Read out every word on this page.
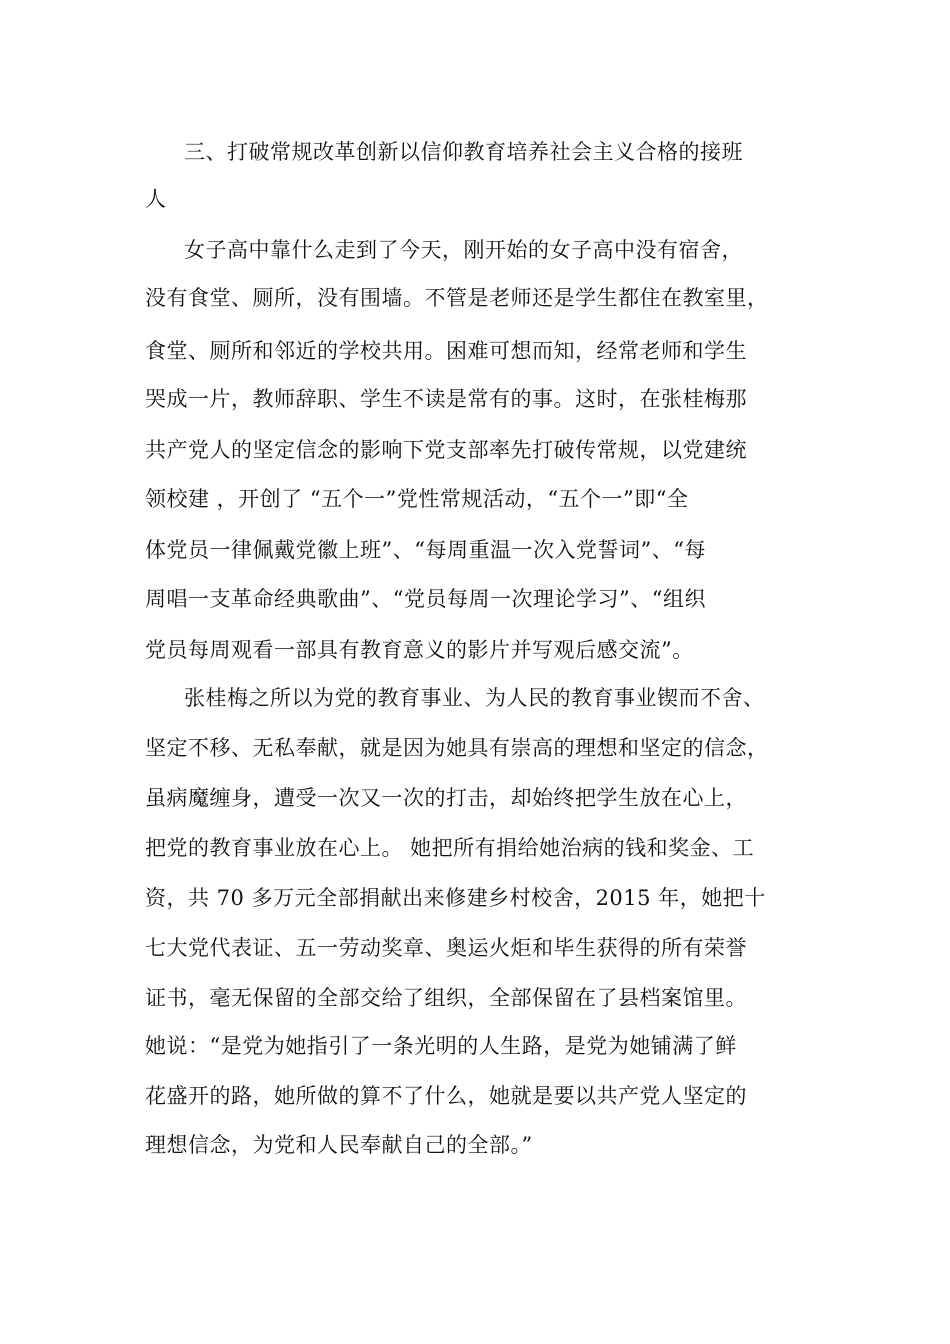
三、打破常规改革创新以信仰教育培养社会主义合格的接班
人
女子高中靠什么走到了今天，刚开始的女子高中没有宿舍，
没有食堂、厕所，没有围墙。不管是老师还是学生都住在教室里，
食堂、厕所和邻近的学校共用。困难可想而知，经常老师和学生
哭成一片，教师辞职、学生不读是常有的事。这时，在张桂梅那
共产党人的坚定信念的影响下党支部率先打破传常规，以党建统
领校建 ，开创了 “五个一”党性常规活动，“五个一”即“全
体党员一律佩戴党徽上班”、“每周重温一次入党誓词”、“每
周唱一支革命经典歌曲”、“党员每周一次理论学习”、“组织
党员每周观看一部具有教育意义的影片并写观后感交流”。
张桂梅之所以为党的教育事业、为人民的教育事业锲而不舍、
坚定不移、无私奉献，就是因为她具有崇高的理想和坚定的信念，
虽病魔缠身，遭受一次又一次的打击，却始终把学生放在心上，
把党的教育事业放在心上。 她把所有捐给她治病的钱和奖金、工
资，共 70 多万元全部捐献出来修建乡村校舍，2015 年，她把十
七大党代表证、五一劳动奖章、奥运火炬和毕生获得的所有荣誉
证书，毫无保留的全部交给了组织，全部保留在了县档案馆里。
她说：“是党为她指引了一条光明的人生路，是党为她铺满了鲜
花盛开的路，她所做的算不了什么，她就是要以共产党人坚定的
理想信念，为党和人民奉献自己的全部。”
